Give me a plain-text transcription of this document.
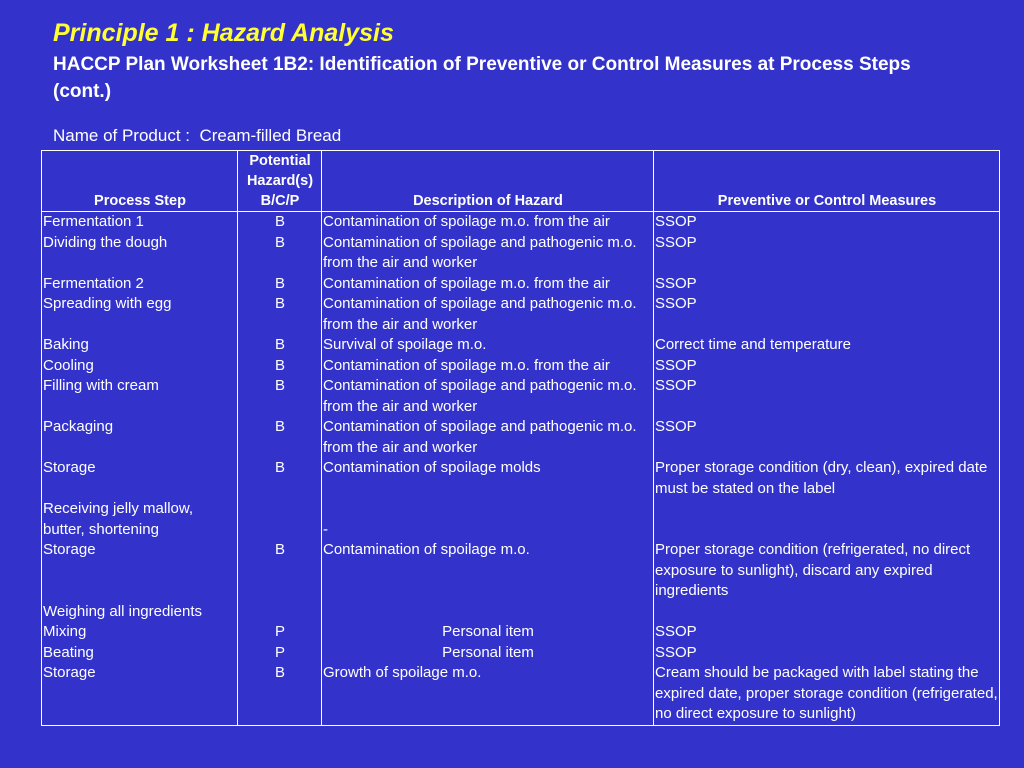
Principle 1 : Hazard Analysis
HACCP Plan Worksheet 1B2: Identification of Preventive or Control Measures at Process Steps (cont.)
Name of Product : Cream-filled Bread
Process Step	Potential Hazard(s) B/C/P	Description of Hazard	Preventive or Control Measures
Fermentation 1	B	Contamination of spoilage m.o. from the air	SSOP
Dividing the dough	B	Contamination of spoilage and pathogenic m.o. from the air and worker	SSOP
Fermentation 2	B	Contamination of spoilage m.o. from the air	SSOP
Spreading with egg	B	Contamination of spoilage and pathogenic m.o. from the air and worker	SSOP
Baking	B	Survival of spoilage m.o.	Correct time and temperature
Cooling	B	Contamination of spoilage m.o. from the air	SSOP
Filling with cream	B	Contamination of spoilage and pathogenic m.o. from the air and worker	SSOP
Packaging	B	Contamination of spoilage and pathogenic m.o. from the air and worker	SSOP
Storage	B	Contamination of spoilage molds	Proper storage condition (dry, clean), expired date must be stated on the label
Receiving jelly mallow, butter, shortening		-	
Storage	B	Contamination of spoilage m.o.	Proper storage condition (refrigerated, no direct exposure to sunlight), discard any expired ingredients
Weighing all ingredients			
Mixing	P	Personal item	SSOP
Beating	P	Personal item	SSOP
Storage	B	Growth of spoilage m.o.	Cream should be packaged with label stating the expired date, proper storage condition (refrigerated, no direct exposure to sunlight)
